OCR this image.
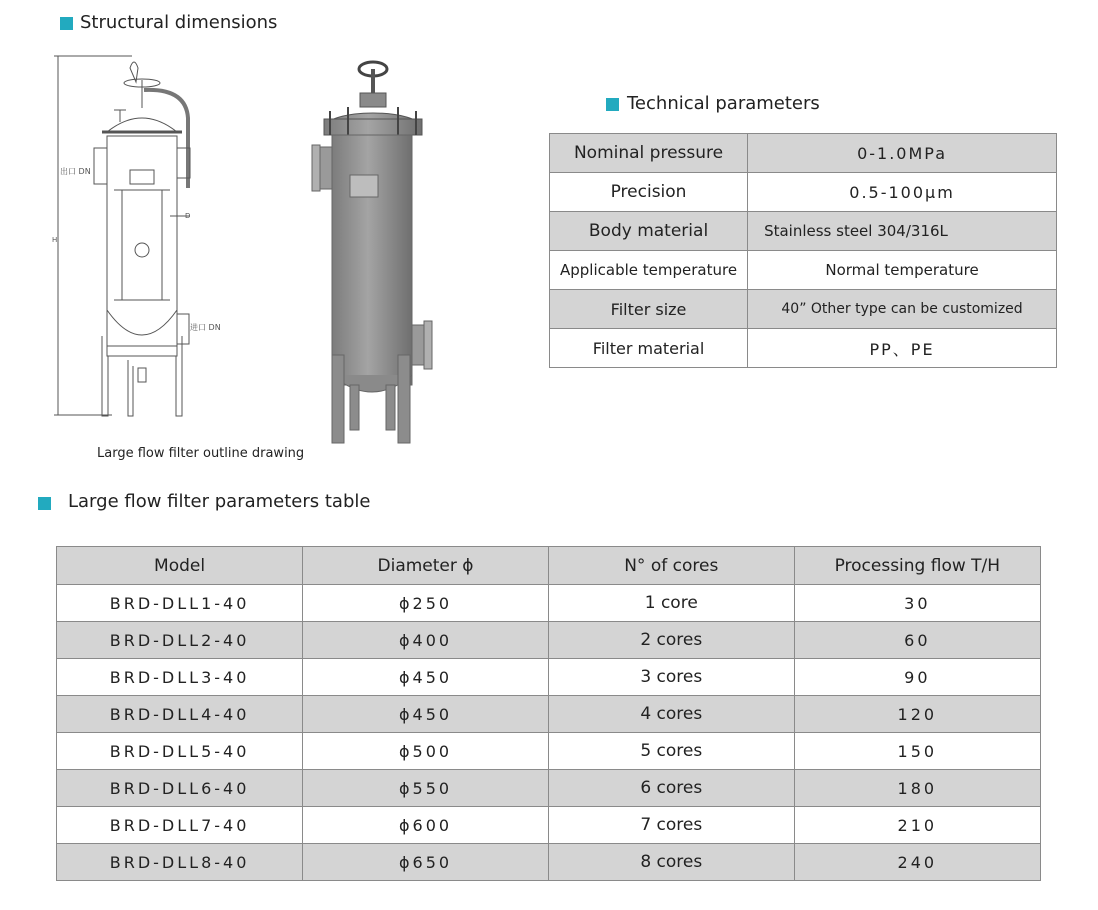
Structural dimensions
出口 DN
进口 DN
H
D
Large flow filter outline drawing
Technical parameters
Nominal pressure	0-1.0MPa
Precision	0.5-100μm
Body material	Stainless steel 304/316L
Applicable temperature	Normal temperature
Filter size	40” Other type can be customized
Filter material	PP、PE
Large flow filter parameters table
Model	Diameter ϕ	N° of cores	Processing flow T/H
BRD-DLL1-40	ϕ250	1 core	30
BRD-DLL2-40	ϕ400	2 cores	60
BRD-DLL3-40	ϕ450	3 cores	90
BRD-DLL4-40	ϕ450	4 cores	120
BRD-DLL5-40	ϕ500	5 cores	150
BRD-DLL6-40	ϕ550	6 cores	180
BRD-DLL7-40	ϕ600	7 cores	210
BRD-DLL8-40	ϕ650	8 cores	240
